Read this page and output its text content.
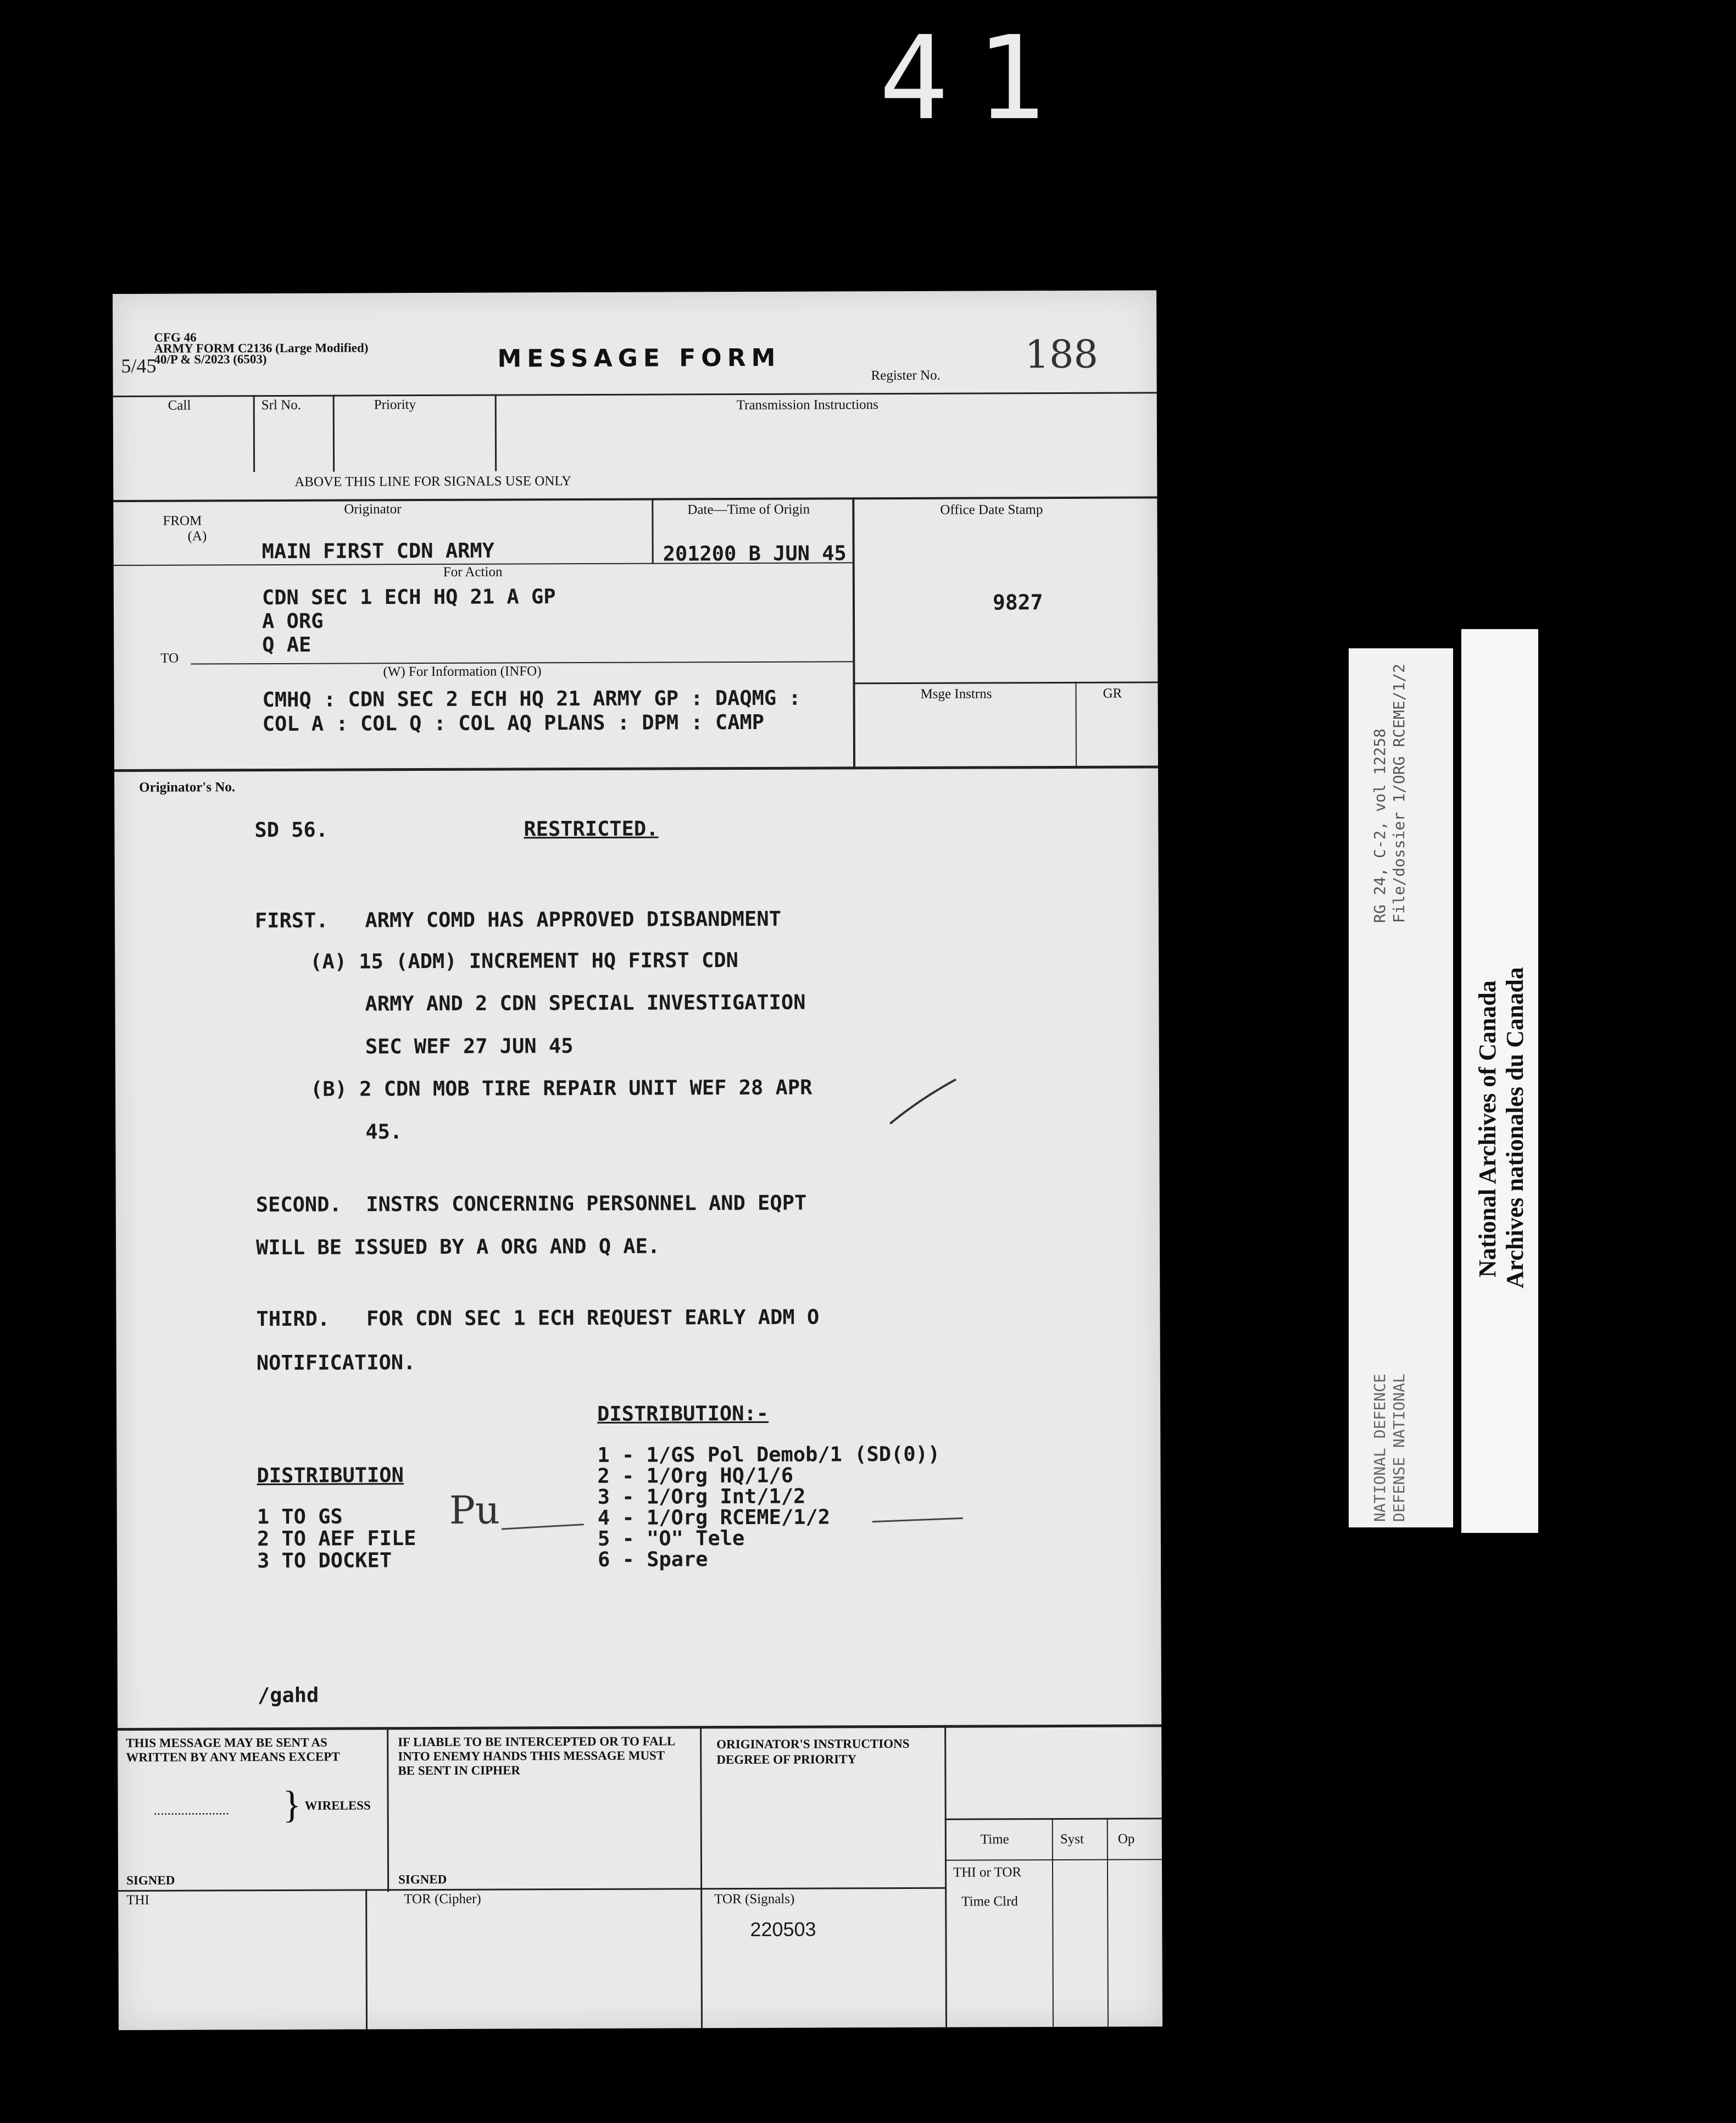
41
5/45
CFG 46
ARMY FORM C2136 (Large Modified)
40/P & S/2023 (6503)	MESSAGE FORM
Register No. 188
Call	Srl No.	Priority	Transmission Instructions
ABOVE THIS LINE FOR SIGNALS USE ONLY
FROM
(A)
Originator
MAIN FIRST CDN ARMY
Date—Time of Origin
201200 B JUN 45
Office Date Stamp
9827
For Action
CDN SEC 1 ECH HQ 21 A GP
A ORG
Q AE
TO
(W) For Information (INFO)
CMHQ : CDN SEC 2 ECH HQ 21 ARMY GP : DAQMG :
COL A : COL Q : COL AQ PLANS : DPM : CAMP
Msge Instrns	GR
Originator's No.
SD 56.	RESTRICTED.
FIRST.   ARMY COMD HAS APPROVED DISBANDMENT
(A) 15 (ADM) INCREMENT HQ FIRST CDN
ARMY AND 2 CDN SPECIAL INVESTIGATION
SEC WEF 27 JUN 45
(B) 2 CDN MOB TIRE REPAIR UNIT WEF 28 APR
45.
SECOND.  INSTRS CONCERNING PERSONNEL AND EQPT
WILL BE ISSUED BY A ORG AND Q AE.
THIRD.   FOR CDN SEC 1 ECH REQUEST EARLY ADM O
NOTIFICATION.
DISTRIBUTION
1 TO GS
2 TO AEF FILE
3 TO DOCKET
Pu
DISTRIBUTION:-
1 - 1/GS Pol Demob/1 (SD(0))
2 - 1/Org HQ/1/6
3 - 1/Org Int/1/2
4 - 1/Org RCEME/1/2
5 - "O" Tele
6 - Spare
/gahd
THIS MESSAGE MAY BE SENT AS WRITTEN BY ANY MEANS EXCEPT
...................... } WIRELESS
SIGNED
IF LIABLE TO BE INTERCEPTED OR TO FALL INTO ENEMY HANDS THIS MESSAGE MUST BE SENT IN CIPHER
SIGNED
ORIGINATOR'S INSTRUCTIONS DEGREE OF PRIORITY
Time	Syst Op
THI or TOR
Time Clrd
THI	TOR (Cipher)	TOR (Signals)
220503
RG 24, C-2, vol 12258 File/dossier 1/ORG RCEME/1/2
NATIONAL DEFENCE DEFENSE NATIONAL
National Archives of Canada Archives nationales du Canada
